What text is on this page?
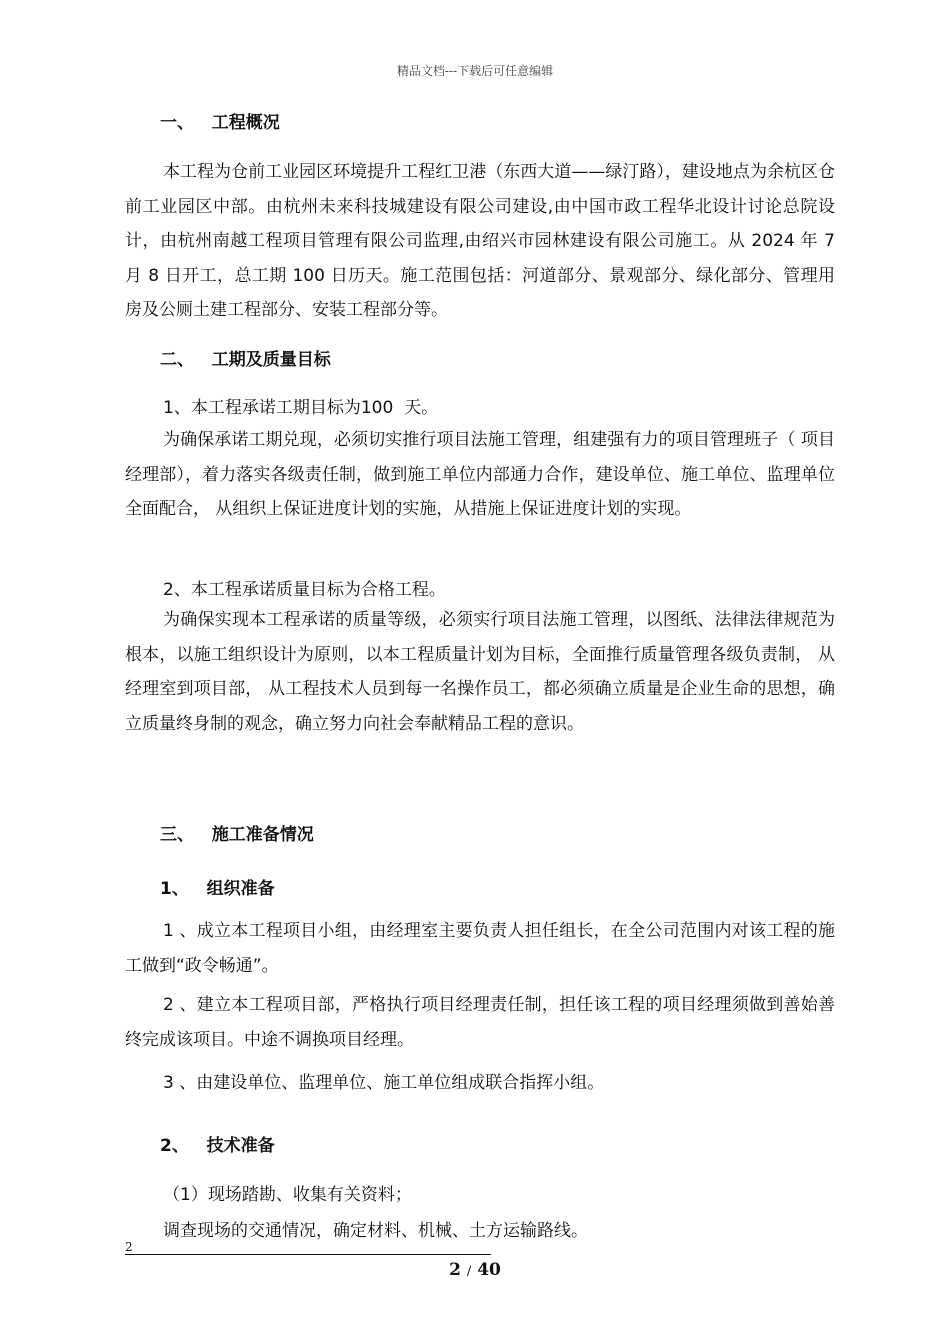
精品文档---下载后可任意编辑
一、   工程概况
本工程为仓前工业园区环境提升工程红卫港（东西大道——绿汀路），建设地点为余杭区仓前工业园区中部。由杭州未来科技城建设有限公司建设,由中国市政工程华北设计讨论总院设计，由杭州南越工程项目管理有限公司监理,由绍兴市园林建设有限公司施工。从 2024 年 7 月 8 日开工，总工期 100 日历天。施工范围包括：河道部分、景观部分、绿化部分、管理用房及公厕土建工程部分、安装工程部分等。
二、   工期及质量目标
1、本工程承诺工期目标为100  天。
为确保承诺工期兑现，必须切实推行项目法施工管理，组建强有力的项目管理班子（ 项目经理部），着力落实各级责任制，做到施工单位内部通力合作，建设单位、施工单位、监理单位全面配合， 从组织上保证进度计划的实施，从措施上保证进度计划的实现。
2、本工程承诺质量目标为合格工程。
为确保实现本工程承诺的质量等级，必须实行项目法施工管理，以图纸、法律法律规范为根本，以施工组织设计为原则，以本工程质量计划为目标，全面推行质量管理各级负责制， 从经理室到项目部， 从工程技术人员到每一名操作员工，都必须确立质量是企业生命的思想，确立质量终身制的观念，确立努力向社会奉献精品工程的意识。
三、   施工准备情况
1、   组织准备
1 、成立本工程项目小组，由经理室主要负责人担任组长，在全公司范围内对该工程的施工做到“政令畅通”。
2 、建立本工程项目部，严格执行项目经理责任制，担任该工程的项目经理须做到善始善终完成该项目。中途不调换项目经理。
3 、由建设单位、监理单位、施工单位组成联合指挥小组。
2、   技术准备
（1）现场踏勘、收集有关资料；
调查现场的交通情况，确定材料、机械、土方运输路线。
2
2 / 40
